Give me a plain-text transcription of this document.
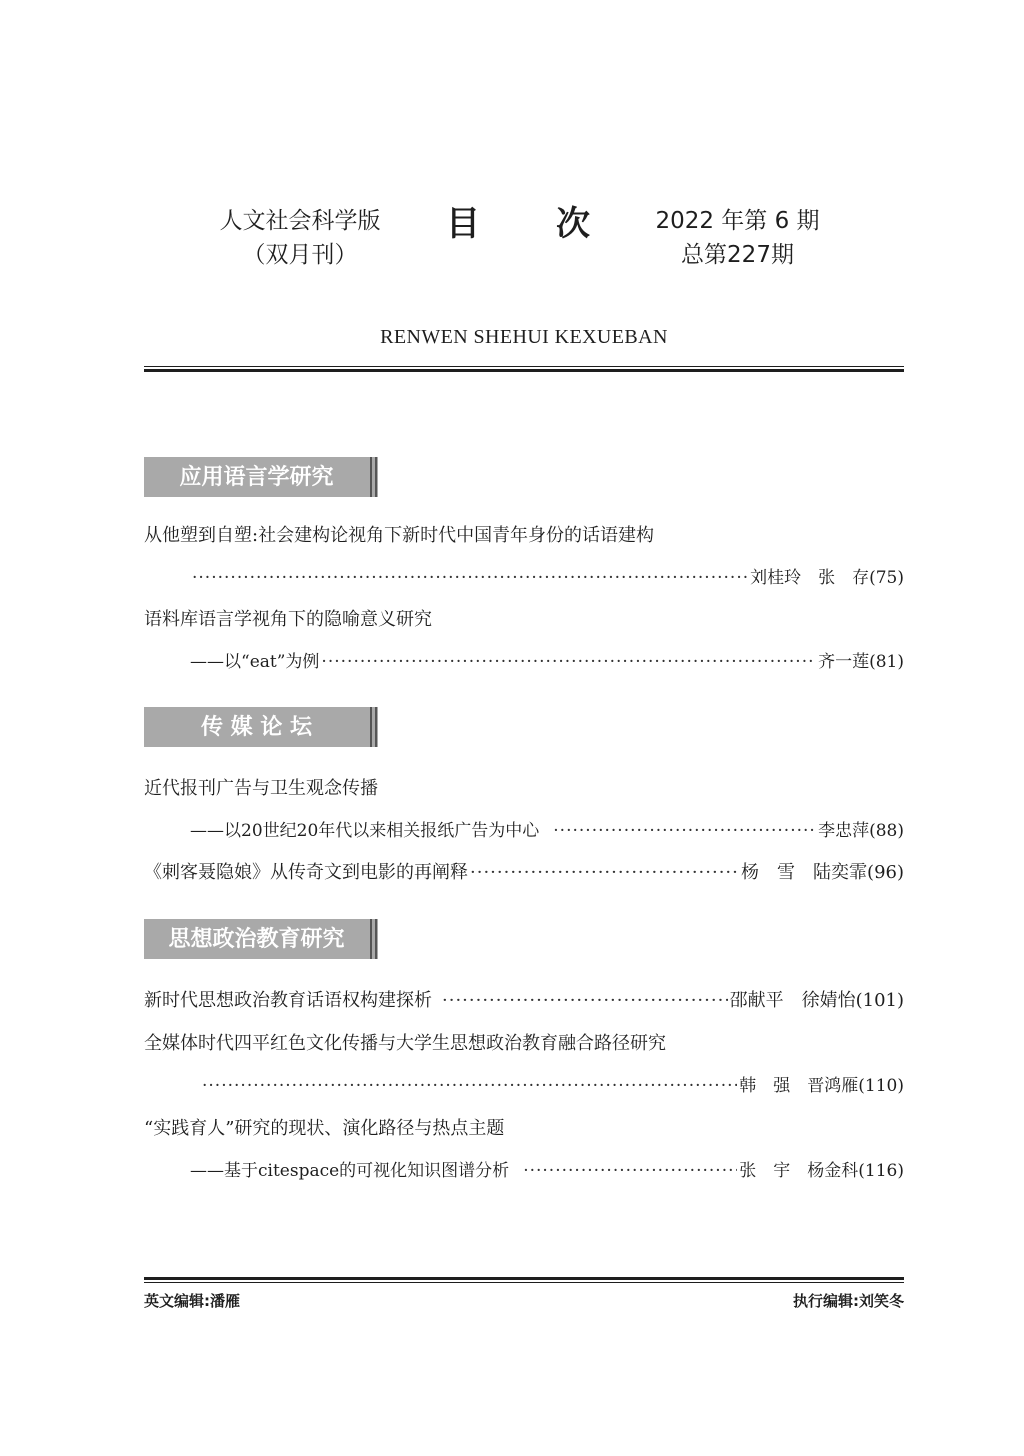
人文社会科学版
（双月刊）
目 次	2022 年第 6 期
总第227期
RENWEN SHEHUI KEXUEBAN
应用语言学研究
从他塑到自塑:社会建构论视角下新时代中国青年身份的话语建构
·····
刘桂玲　张　存(75)
语料库语言学视角下的隐喻意义研究
——以“eat”为例 ·····	齐一莲(81)
传 媒 论 坛
近代报刊广告与卫生观念传播
——以20世纪20年代以来相关报纸广告为中心 ·····	李忠萍(88)
《刺客聂隐娘》从传奇文到电影的再阐释 ·····	杨　雪　陆奕霏(96)
思想政治教育研究
新时代思想政治教育话语权构建探析 ·····	邵献平　徐婧怡(101)
全媒体时代四平红色文化传播与大学生思想政治教育融合路径研究
·····
韩　强　晋鸿雁(110)
“实践育人”研究的现状、演化路径与热点主题
——基于citespace的可视化知识图谱分析 ·····	张　宇　杨金科(116)
英文编辑:潘雁	执行编辑:刘笑冬
